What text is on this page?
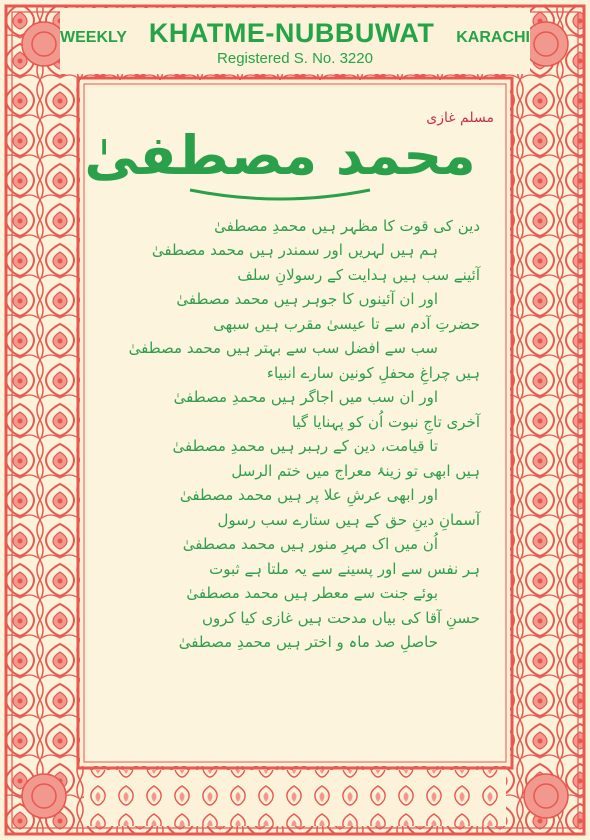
WEEKLY KHATME-NUBBUWAT KARACHI
Registered S. No. 3220
مسلم غازی
محمد مصطفیٰ
دین کی قوت کا مظہر ہیں محمدِ مصطفیٰ
ہم ہیں لہریں اور سمندر ہیں محمد مصطفیٰ
آئینے سب ہیں ہدایت کے رسولانِ سلف
اور ان آئینوں کا جوہر ہیں محمد مصطفیٰ
حضرتِ آدم سے تا عیسیٰ مقرب ہیں سبھی
سب سے افضل سب سے بہتر ہیں محمد مصطفیٰ
ہیں چراغِ محفلِ کونین سارے انبیاء
اور ان سب میں اجاگر ہیں محمدِ مصطفیٰ
آخری تاجِ نبوت اُن کو پہنایا گیا
تا قیامت، دین کے رہبر ہیں محمدِ مصطفیٰ
ہیں ابھی تو زینۂ معراج میں ختم الرسل
اور ابھی عرشِ علا پر ہیں محمد مصطفیٰ
آسمانِ دینِ حق کے ہیں ستارے سب رسول
اُن میں اک مہرِ منور ہیں محمد مصطفیٰ
ہر نفس سے اور پسینے سے یہ ملتا ہے ثبوت
بوئے جنت سے معطر ہیں محمد مصطفیٰ
حسنِ آقا کی بیاں مدحت ہیں غازی کیا کروں
حاصلِ صد ماہ و اختر ہیں محمدِ مصطفیٰ
